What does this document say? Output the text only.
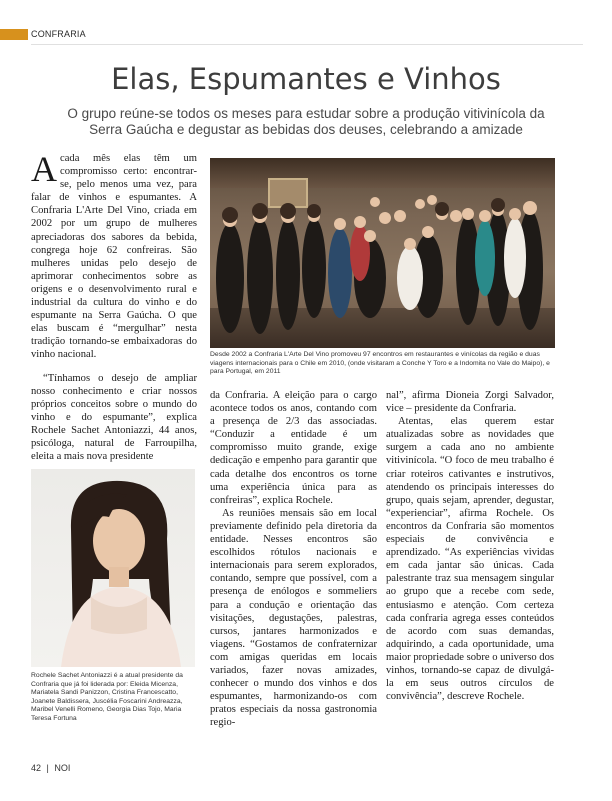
CONFRARIA
Elas, Espumantes e Vinhos
O grupo reúne-se todos os meses para estudar sobre a produção vitivinícola da Serra Gaúcha e degustar as bebidas dos deuses, celebrando a amizade

Acada mês elas têm um compromisso certo: encontrar-se, pelo menos uma vez, para falar de vinhos e espumantes. A Confraria L'Arte Del Vino, criada em 2002 por um grupo de mulheres apreciadoras dos sabores da bebida, congrega hoje 62 confreiras. São mulheres unidas pelo desejo de aprimorar conhecimentos sobre as origens e o desenvolvimento rural e industrial da cultura do vinho e do espumante na Serra Gaúcha. O que elas buscam é “mergulhar” nesta tradição tornando-se embaixadoras do vinho nacional.

“Tínhamos o desejo de ampliar nosso conhecimento e criar nossos próprios conceitos sobre o mundo do vinho e do espumante”, explica Rochele Sachet Antoniazzi, 44 anos, psicóloga, natural de Farroupilha, eleita a mais nova presidente

Desde 2002 a Confraria L'Arte Del Vino promoveu 97 encontros em restaurantes e vinícolas da região e duas viagens internacionais para o Chile em 2010, (onde visitaram a Conche Y Toro e a Indomita no Vale do Maipo), e para Portugal, em 2011
Rochele Sachet Antoniazzi é a atual presidente da Confraria que já foi liderada por: Eleida Micenza, Mariatela Sandi Panizzon, Cristina Francescatto, Joanete Baldissera, Juscélia Foscarini Andreazza, Maribel Venelli Romeno, Georgia Dias Tojo, Maria Teresa Fortuna

da Confraria. A eleição para o cargo acontece todos os anos, contando com a presença de 2/3 das associadas. “Conduzir a entidade é um compromisso muito grande, exige dedicação e empenho para garantir que cada detalhe dos encontros os torne uma experiência única para as confreiras”, explica Rochele.

As reuniões mensais são em local previamente definido pela diretoria da entidade. Nesses encontros são escolhidos rótulos nacionais e internacionais para serem explorados, contando, sempre que possível, com a presença de enólogos e sommeliers para a condução e orientação das visitações, degustações, palestras, cursos, jantares harmonizados e viagens. “Gostamos de confraternizar com amigas queridas em locais variados, fazer novas amizades, conhecer o mundo dos vinhos e dos espumantes, harmonizando-os com pratos especiais da nossa gastronomia regio-

nal”, afirma Dioneia Zorgi Salvador, vice – presidente da Confraria.

Atentas, elas querem estar atualizadas sobre as novidades que surgem a cada ano no ambiente vitivinícola. “O foco de meu trabalho é criar roteiros cativantes e instrutivos, atendendo os principais interesses do grupo, quais sejam, aprender, degustar, “experienciar”, afirma Rochele. Os encontros da Confraria são momentos especiais de convivência e aprendizado. “As experiências vividas em cada jantar são únicas. Cada palestrante traz sua mensagem singular ao grupo que a recebe com sede, entusiasmo e atenção. Com certeza cada confraria agrega esses conteúdos de acordo com suas demandas, adquirindo, a cada oportunidade, uma maior propriedade sobre o universo dos vinhos, tornando-se capaz de divulgá-la em seus outros círculos de convivência”, descreve Rochele.

42 | NOI
